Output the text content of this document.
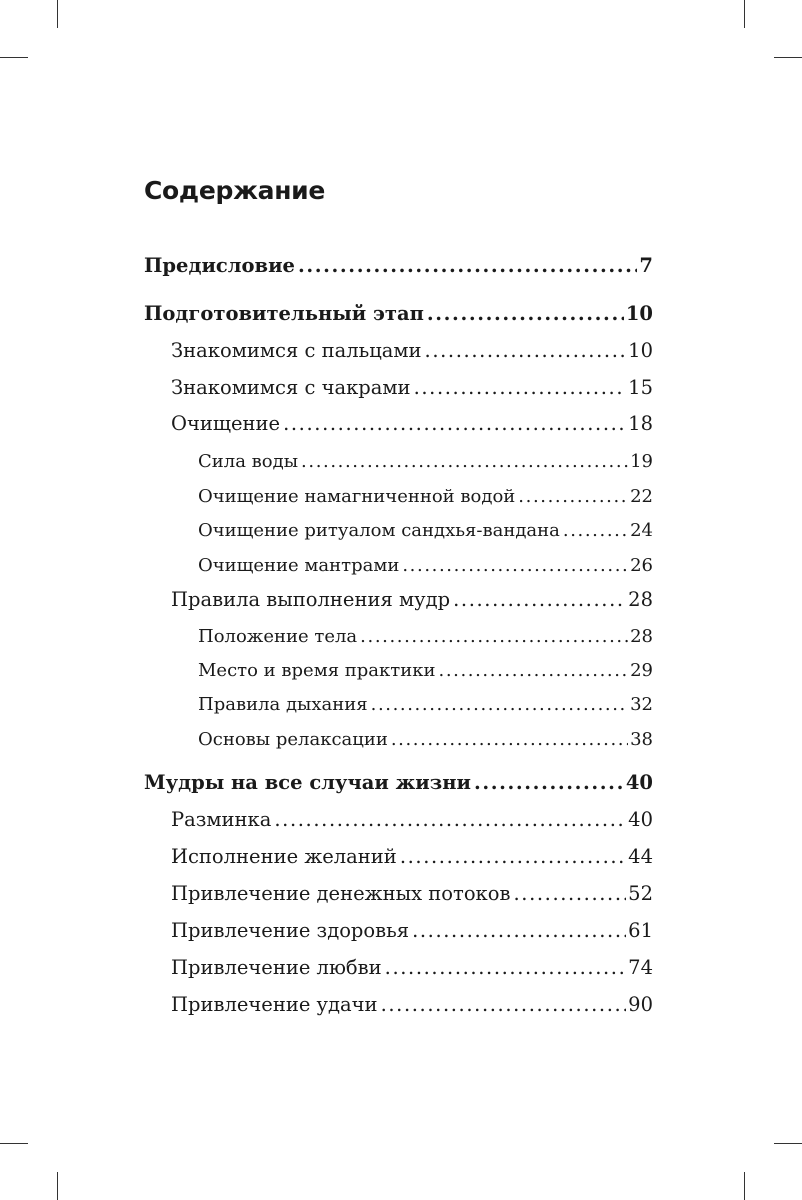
Содержание
Предисловие .....	7
Подготовительный этап .....	10
Знакомимся с пальцами .....	10
Знакомимся с чакрами .....	15
Очищение .....	18
Сила воды .....	19
Очищение намагниченной водой .....	22
Очищение ритуалом сандхья-вандана .....	24
Очищение мантрами .....	26
Правила выполнения мудр .....	28
Положение тела .....	28
Место и время практики .....	29
Правила дыхания .....	32
Основы релаксации .....	38
Мудры на все случаи жизни .....	40
Разминка .....	40
Исполнение желаний .....	44
Привлечение денежных потоков .....	52
Привлечение здоровья .....	61
Привлечение любви .....	74
Привлечение удачи .....	90
